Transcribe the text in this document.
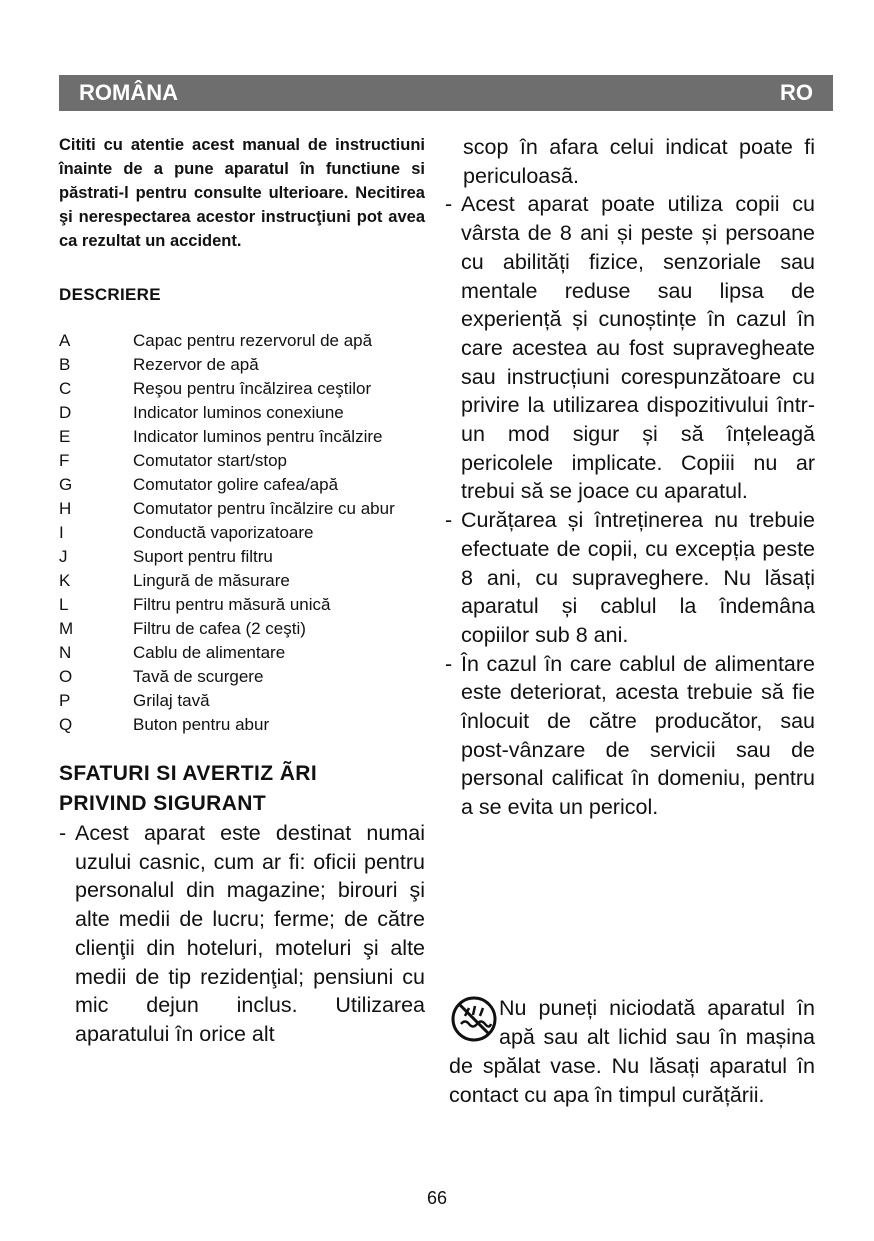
ROMÂNA	RO

Cititi cu atentie acest manual de instructiuni înainte de a pune aparatul în functiune si păstrati-l pentru consulte ulterioare. Necitirea şi nerespectarea acestor instrucţiuni pot avea ca rezultat un accident.

DESCRIERE
A	Capac pentru rezervorul de apă
B	Rezervor de apă
C	Reşou pentru încălzirea ceştilor
D	Indicator luminos conexiune
E	Indicator luminos pentru încălzire
F	Comutator start/stop
G	Comutator golire cafea/apă
H	Comutator pentru încălzire cu abur
I	Conductă vaporizatoare
J	Suport pentru filtru
K	Lingură de măsurare
L	Filtru pentru măsură unică
M	Filtru de cafea (2 ceşti)
N	Cablu de alimentare
O	Tavă de scurgere
P	Grilaj tavă
Q	Buton pentru abur
SFATURI SI AVERTIZ ÃRI
PRIVIND SIGURANT
- Acest aparat este destinat numai uzului casnic, cum ar fi: oficii pentru personalul din magazine; birouri şi alte medii de lucru; ferme; de către clienţii din hoteluri, moteluri şi alte medii de tip rezidenţial; pensiuni cu mic dejun inclus. Utilizarea aparatului în orice alt

scop în afara celui indicat poate fi periculoasã.

- Acest aparat poate utiliza copii cu vârsta de 8 ani și peste și persoane cu abilități fizice, senzoriale sau mentale reduse sau lipsa de experiență și cunoștințe în cazul în care acestea au fost supravegheate sau instrucțiuni corespunzătoare cu privire la utilizarea dispozitivului într-un mod sigur și să înțeleagă pericolele implicate. Copiii nu ar trebui să se joace cu aparatul.
- Curățarea și întreținerea nu trebuie efectuate de copii, cu excepția peste 8 ani, cu supraveghere. Nu lăsați aparatul și cablul la îndemâna copiilor sub 8 ani.
- În cazul în care cablul de alimentare este deteriorat, acesta trebuie să fie înlocuit de către producător, sau post-vânzare de servicii sau de personal calificat în domeniu, pentru a se evita un pericol.
Nu puneți niciodată aparatul în apă sau alt lichid sau în mașina de spălat vase. Nu lăsați aparatul în contact cu apa în timpul curățării.
66
